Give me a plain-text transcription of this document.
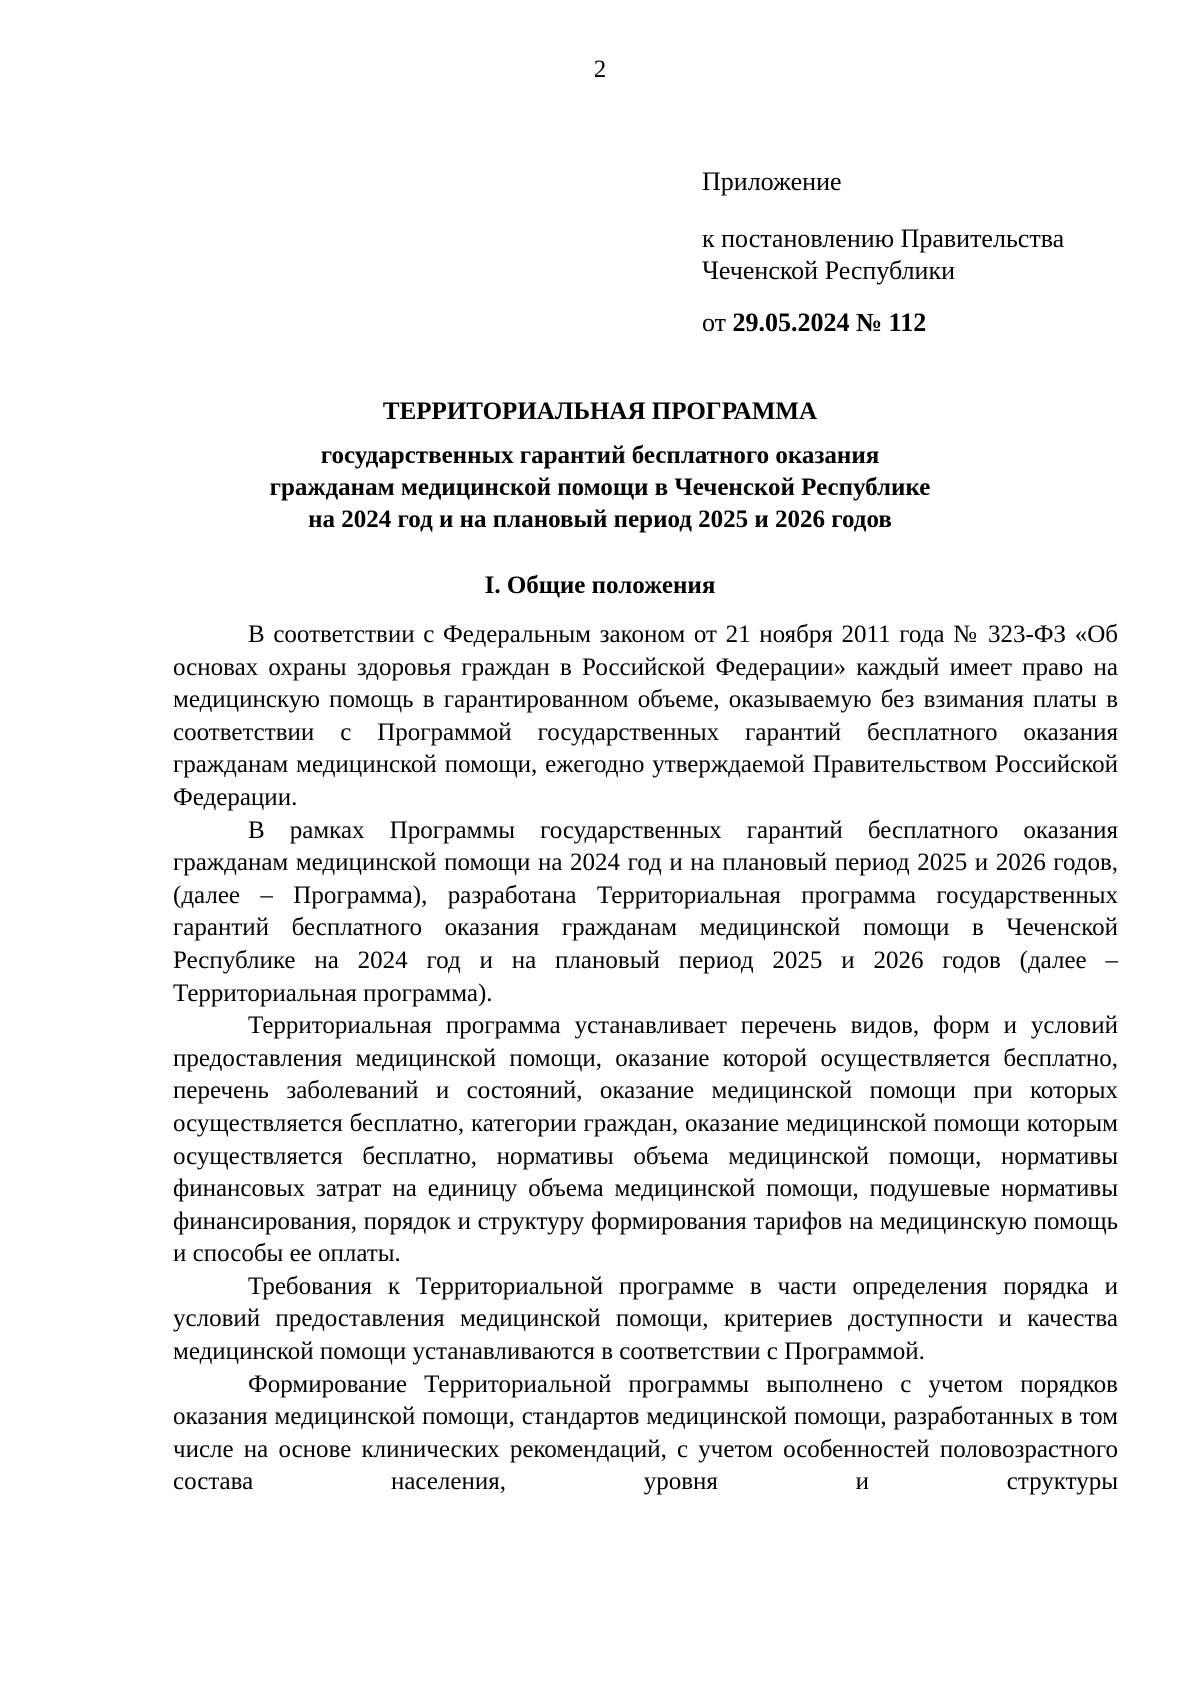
2
Приложение
к постановлению Правительства
Чеченской Республики
от 29.05.2024 № 112
ТЕРРИТОРИАЛЬНАЯ ПРОГРАММА
государственных гарантий бесплатного оказания
гражданам медицинской помощи в Чеченской Республике
на 2024 год и на плановый период 2025 и 2026 годов
I. Общие положения

В соответствии с Федеральным законом от 21 ноября 2011 года № 323-ФЗ «Об основах охраны здоровья граждан в Российской Федерации» каждый имеет право на медицинскую помощь в гарантированном объеме, оказываемую без взимания платы в соответствии с Программой государственных гарантий бесплатного оказания гражданам медицинской помощи, ежегодно утверждаемой Правительством Российской Федерации.

В рамках Программы государственных гарантий бесплатного оказания гражданам медицинской помощи на 2024 год и на плановый период 2025 и 2026 годов, (далее – Программа), разработана Территориальная программа государственных гарантий бесплатного оказания гражданам медицинской помощи в Чеченской Республике на 2024 год и на плановый период 2025 и 2026 годов (далее – Территориальная программа).

Территориальная программа устанавливает перечень видов, форм и условий предоставления медицинской помощи, оказание которой осуществляется бесплатно, перечень заболеваний и состояний, оказание медицинской помощи при которых осуществляется бесплатно, категории граждан, оказание медицинской помощи которым осуществляется бесплатно, нормативы объема медицинской помощи, нормативы финансовых затрат на единицу объема медицинской помощи, подушевые нормативы финансирования, порядок и структуру формирования тарифов на медицинскую помощь и способы ее оплаты.

Требования к Территориальной программе в части определения порядка и условий предоставления медицинской помощи, критериев доступности и качества медицинской помощи устанавливаются в соответствии с Программой.

Формирование Территориальной программы выполнено с учетом порядков оказания медицинской помощи, стандартов медицинской помощи, разработанных в том числе на основе клинических рекомендаций, с учетом особенностей половозрастного состава населения, уровня и структуры
